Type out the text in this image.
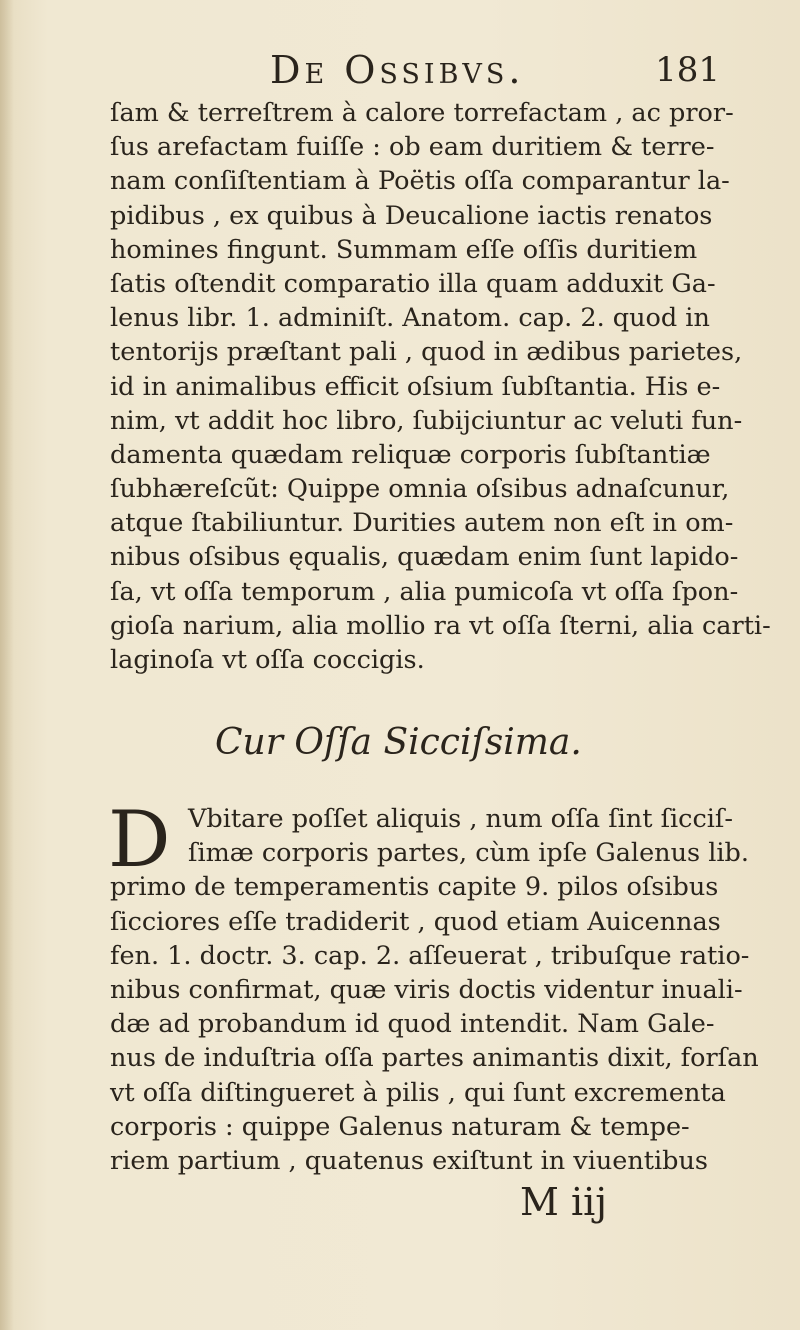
De Ossibvs.	181
ſam & terreſtrem à calore torrefactam , ac pror-
ſus arefactam fuiſſe : ob eam duritiem & terre-
nam conſiſtentiam à Poëtis oſſa comparantur la-
pidibus , ex quibus à Deucalione iactis renatos
homines fingunt. Summam eſſe oſſis duritiem
ſatis oſtendit comparatio illa quam adduxit Ga-
lenus libr. 1. adminiſt. Anatom. cap. 2. quod in
tentorijs præſtant pali , quod in ædibus parietes,
id in animalibus efficit oſsium ſubſtantia. His e-
nim, vt addit hoc libro, ſubijciuntur ac veluti fun-
damenta quædam reliquæ corporis ſubſtantiæ
ſubhæreſcũt: Quippe omnia oſsibus adnaſcunur,
atque ſtabiliuntur. Durities autem non eſt in om-
nibus oſsibus ęqualis, quædam enim ſunt lapido-
ſa, vt oſſa temporum , alia pumicoſa vt oſſa ſpon-
gioſa narium, alia mollio ra vt oſſa ſterni, alia carti-
laginoſa vt oſſa coccigis.
Cur Oſſa Sicciſsima.
D Vbitare poſſet aliquis , num oſſa ſint ſicciſ-
ſimæ corporis partes, cùm ipſe Galenus lib.
primo de temperamentis capite 9. pilos oſsibus
ſicciores eſſe tradiderit , quod etiam Auicennas
fen. 1. doctr. 3. cap. 2. aſſeuerat , tribuſque ratio-
nibus confirmat, quæ viris doctis videntur inuali-
dæ ad probandum id quod intendit. Nam Gale-
nus de induſtria oſſa partes animantis dixit, forſan
vt oſſa diſtingueret à pilis , qui ſunt excrementa
corporis : quippe Galenus naturam & tempe-
riem partium , quatenus exiſtunt in viuentibus
M iij
